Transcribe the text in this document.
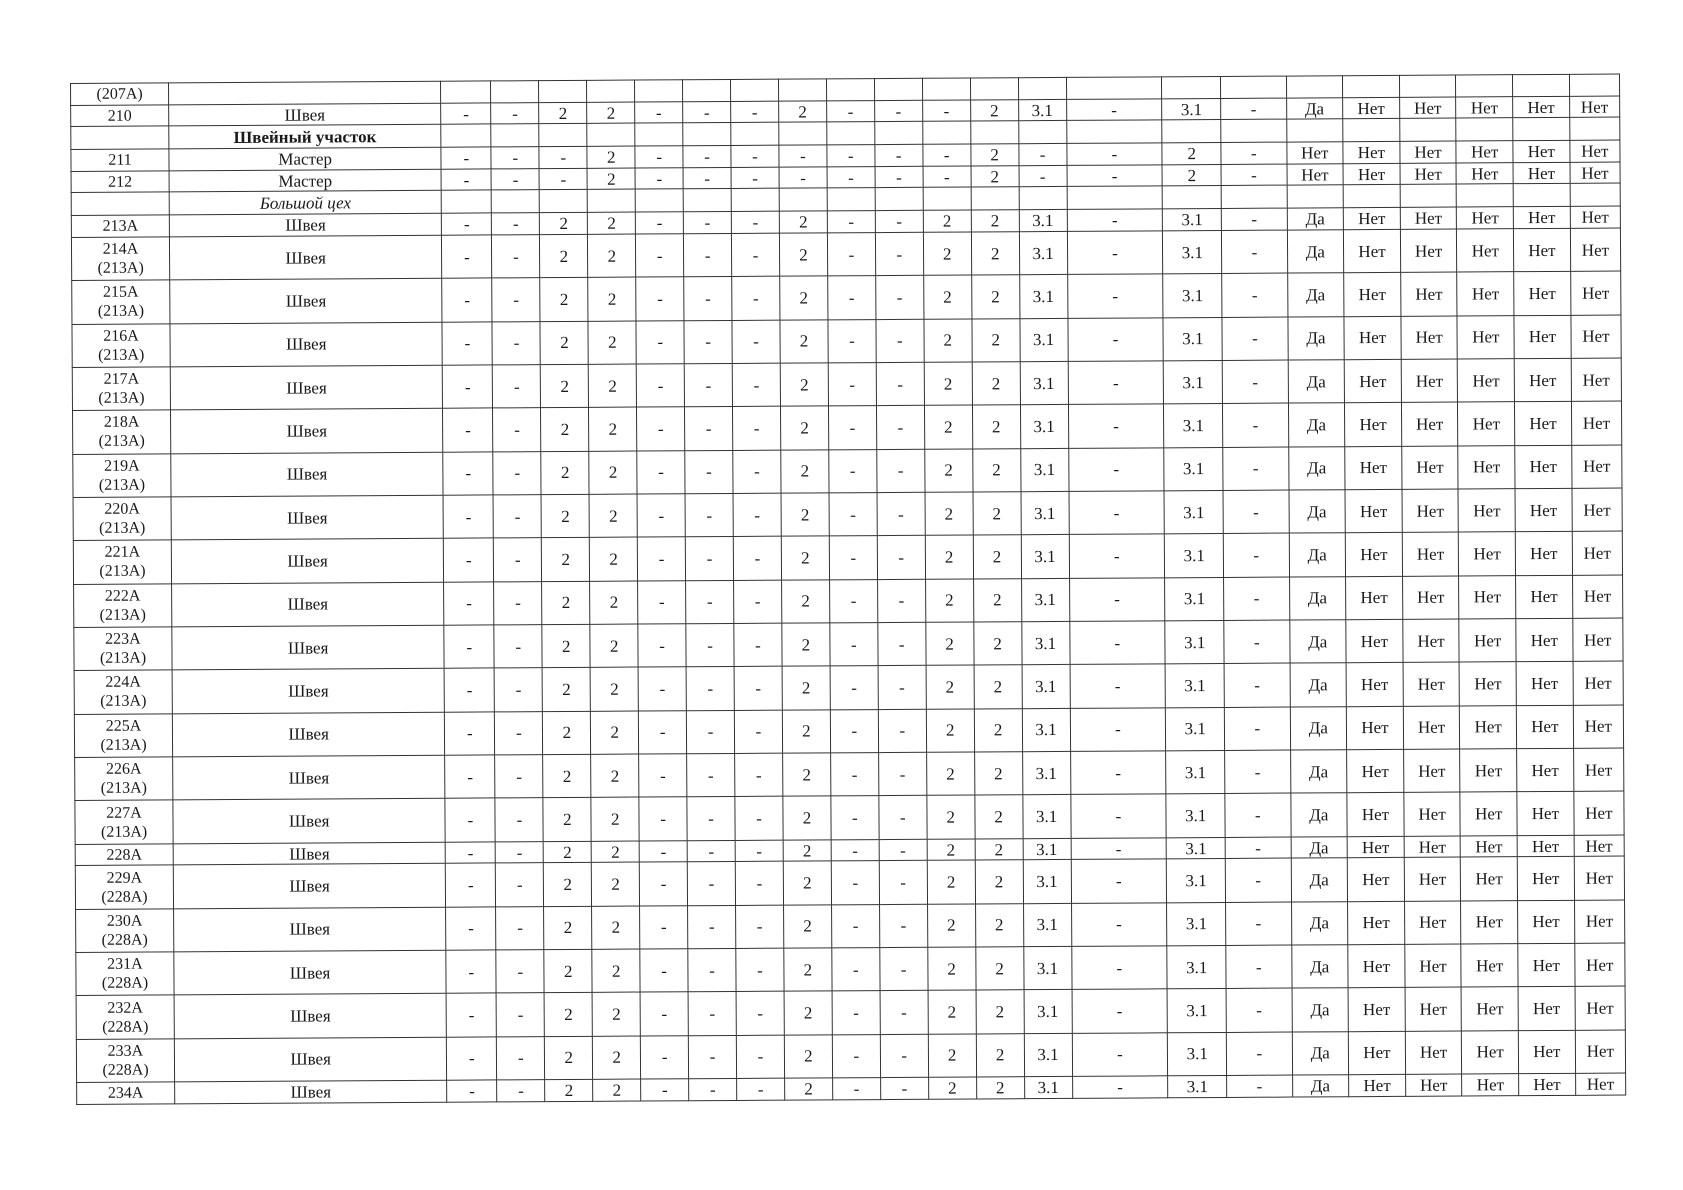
(207А)																							

210	Швея	-	-	2	2	-	-	-	2	-	-	-	2	3.1	-	3.1	-	Да	Нет	Нет	Нет	Нет	Нет
	Швейный участок																						

211	Мастер	-	-	-	2	-	-	-	-	-	-	-	2	-	-	2	-	Нет	Нет	Нет	Нет	Нет	Нет

212	Мастер	-	-	-	2	-	-	-	-	-	-	-	2	-	-	2	-	Нет	Нет	Нет	Нет	Нет	Нет
	Большой цех																						

213А	Швея	-	-	2	2	-	-	-	2	-	-	2	2	3.1	-	3.1	-	Да	Нет	Нет	Нет	Нет	Нет

214А
(213А)	Швея	-	-	2	2	-	-	-	2	-	-	2	2	3.1	-	3.1	-	Да	Нет	Нет	Нет	Нет	Нет

215А
(213А)	Швея	-	-	2	2	-	-	-	2	-	-	2	2	3.1	-	3.1	-	Да	Нет	Нет	Нет	Нет	Нет

216А
(213А)	Швея	-	-	2	2	-	-	-	2	-	-	2	2	3.1	-	3.1	-	Да	Нет	Нет	Нет	Нет	Нет

217А
(213А)	Швея	-	-	2	2	-	-	-	2	-	-	2	2	3.1	-	3.1	-	Да	Нет	Нет	Нет	Нет	Нет

218А
(213А)	Швея	-	-	2	2	-	-	-	2	-	-	2	2	3.1	-	3.1	-	Да	Нет	Нет	Нет	Нет	Нет

219А
(213А)	Швея	-	-	2	2	-	-	-	2	-	-	2	2	3.1	-	3.1	-	Да	Нет	Нет	Нет	Нет	Нет

220А
(213А)	Швея	-	-	2	2	-	-	-	2	-	-	2	2	3.1	-	3.1	-	Да	Нет	Нет	Нет	Нет	Нет

221А
(213А)	Швея	-	-	2	2	-	-	-	2	-	-	2	2	3.1	-	3.1	-	Да	Нет	Нет	Нет	Нет	Нет

222А
(213А)	Швея	-	-	2	2	-	-	-	2	-	-	2	2	3.1	-	3.1	-	Да	Нет	Нет	Нет	Нет	Нет

223А
(213А)	Швея	-	-	2	2	-	-	-	2	-	-	2	2	3.1	-	3.1	-	Да	Нет	Нет	Нет	Нет	Нет

224А
(213А)	Швея	-	-	2	2	-	-	-	2	-	-	2	2	3.1	-	3.1	-	Да	Нет	Нет	Нет	Нет	Нет

225А
(213А)	Швея	-	-	2	2	-	-	-	2	-	-	2	2	3.1	-	3.1	-	Да	Нет	Нет	Нет	Нет	Нет

226А
(213А)	Швея	-	-	2	2	-	-	-	2	-	-	2	2	3.1	-	3.1	-	Да	Нет	Нет	Нет	Нет	Нет

227А
(213А)	Швея	-	-	2	2	-	-	-	2	-	-	2	2	3.1	-	3.1	-	Да	Нет	Нет	Нет	Нет	Нет

228А	Швея	-	-	2	2	-	-	-	2	-	-	2	2	3.1	-	3.1	-	Да	Нет	Нет	Нет	Нет	Нет

229А
(228А)	Швея	-	-	2	2	-	-	-	2	-	-	2	2	3.1	-	3.1	-	Да	Нет	Нет	Нет	Нет	Нет

230А
(228А)	Швея	-	-	2	2	-	-	-	2	-	-	2	2	3.1	-	3.1	-	Да	Нет	Нет	Нет	Нет	Нет

231А
(228А)	Швея	-	-	2	2	-	-	-	2	-	-	2	2	3.1	-	3.1	-	Да	Нет	Нет	Нет	Нет	Нет

232А
(228А)	Швея	-	-	2	2	-	-	-	2	-	-	2	2	3.1	-	3.1	-	Да	Нет	Нет	Нет	Нет	Нет

233А
(228А)	Швея	-	-	2	2	-	-	-	2	-	-	2	2	3.1	-	3.1	-	Да	Нет	Нет	Нет	Нет	Нет

234А	Швея	-	-	2	2	-	-	-	2	-	-	2	2	3.1	-	3.1	-	Да	Нет	Нет	Нет	Нет	Нет
